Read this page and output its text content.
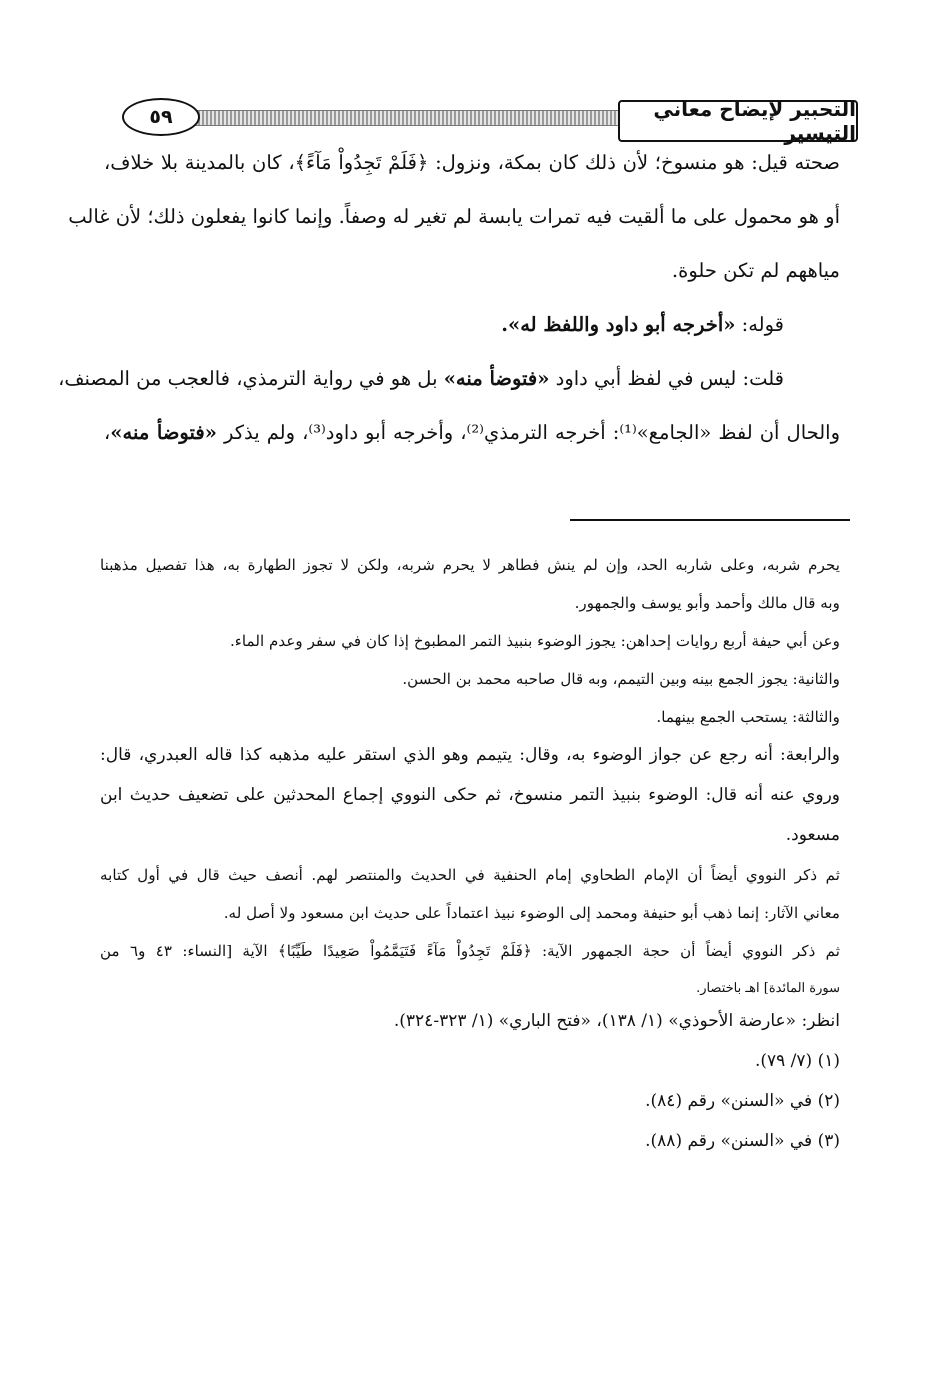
التحبير لإيضاح معاني التيسير
٥٩
صحته قيل: هو منسوخ؛ لأن ذلك كان بمكة، ونزول: ﴿فَلَمْ تَجِدُواْ مَآءً﴾، كان بالمدينة بلا خلاف،
أو هو محمول على ما ألقيت فيه تمرات يابسة لم تغير له وصفاً. وإنما كانوا يفعلون ذلك؛ لأن غالب
مياههم لم تكن حلوة.
قوله: «أخرجه أبو داود واللفظ له».
قلت: ليس في لفظ أبي داود «فتوضأ منه» بل هو في رواية الترمذي، فالعجب من المصنف،
والحال أن لفظ «الجامع»⁽¹⁾: أخرجه الترمذي⁽²⁾، وأخرجه أبو داود⁽³⁾، ولم يذكر «فتوضأ منه»،
يحرم شربه، وعلى شاربه الحد، وإن لم ينش فطاهر لا يحرم شربه، ولكن لا تجوز الطهارة به، هذا تفصيل مذهبنا
وبه قال مالك وأحمد وأبو يوسف والجمهور.
وعن أبي حيفة أربع روايات إحداهن: يجوز الوضوء بنبيذ التمر المطبوخ إذا كان في سفر وعدم الماء.
والثانية: يجوز الجمع بينه وبين التيمم، وبه قال صاحبه محمد بن الحسن.
والثالثة: يستحب الجمع بينهما.
والرابعة: أنه رجع عن جواز الوضوء به، وقال: يتيمم وهو الذي استقر عليه مذهبه كذا قاله العبدري، قال:
وروي عنه أنه قال: الوضوء بنبيذ التمر منسوخ، ثم حكى النووي إجماع المحدثين على تضعيف حديث ابن
مسعود.
ثم ذكر النووي أيضاً أن الإمام الطحاوي إمام الحنفية في الحديث والمنتصر لهم. أنصف حيث قال في أول كتابه
معاني الآثار: إنما ذهب أبو حنيفة ومحمد إلى الوضوء نبيذ اعتماداً على حديث ابن مسعود ولا أصل له.
ثم ذكر النووي أيضاً أن حجة الجمهور الآية: ﴿فَلَمْ تَجِدُواْ مَآءً فَتَيَمَّمُواْ صَعِيدًا طَيِّبًا﴾ الآية [النساء: ٤٣ و٦ من
سورة المائدة] اهـ باختصار.
انظر: «عارضة الأحوذي» (١/ ١٣٨)، «فتح الباري» (١/ ٣٢٣-٣٢٤).
(١) (٧/ ٧٩).
(٢) في «السنن» رقم (٨٤).
(٣) في «السنن» رقم (٨٨).
